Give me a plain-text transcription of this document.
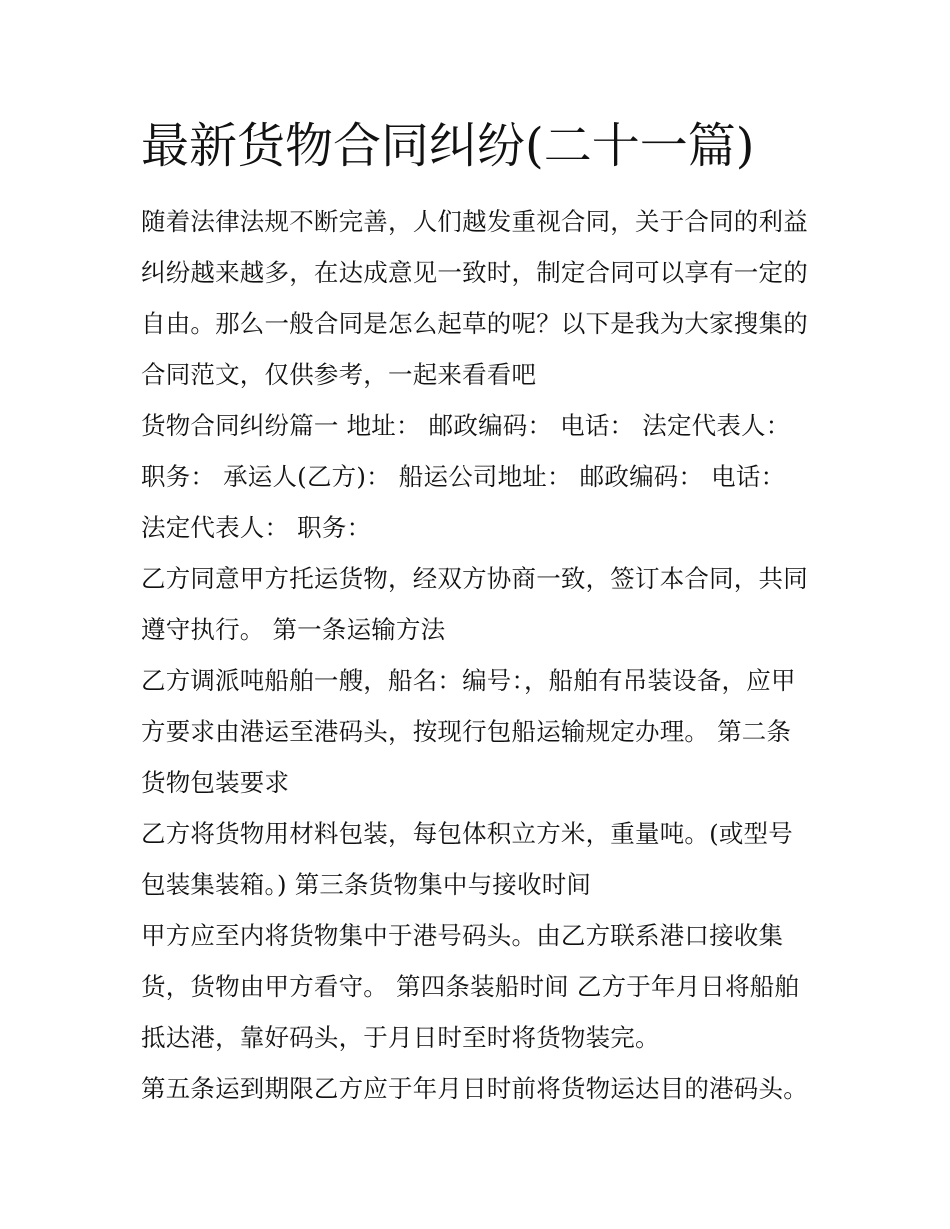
最新货物合同纠纷(二十一篇)
随着法律法规不断完善，人们越发重视合同，关于合同的利益
纠纷越来越多，在达成意见一致时，制定合同可以享有一定的
自由。那么一般合同是怎么起草的呢？以下是我为大家搜集的
合同范文，仅供参考，一起来看看吧
货物合同纠纷篇一 地址： 邮政编码： 电话： 法定代表人：
职务： 承运人(乙方)： 船运公司地址： 邮政编码： 电话：
法定代表人： 职务：
乙方同意甲方托运货物，经双方协商一致，签订本合同，共同
遵守执行。 第一条运输方法
乙方调派吨船舶一艘，船名：编号：，船舶有吊装设备，应甲
方要求由港运至港码头，按现行包船运输规定办理。 第二条
货物包装要求
乙方将货物用材料包装，每包体积立方米，重量吨。(或型号
包装集装箱。) 第三条货物集中与接收时间
甲方应至内将货物集中于港号码头。由乙方联系港口接收集
货，货物由甲方看守。 第四条装船时间 乙方于年月日将船舶
抵达港，靠好码头，于月日时至时将货物装完。
第五条运到期限乙方应于年月日时前将货物运达目的港码头。
